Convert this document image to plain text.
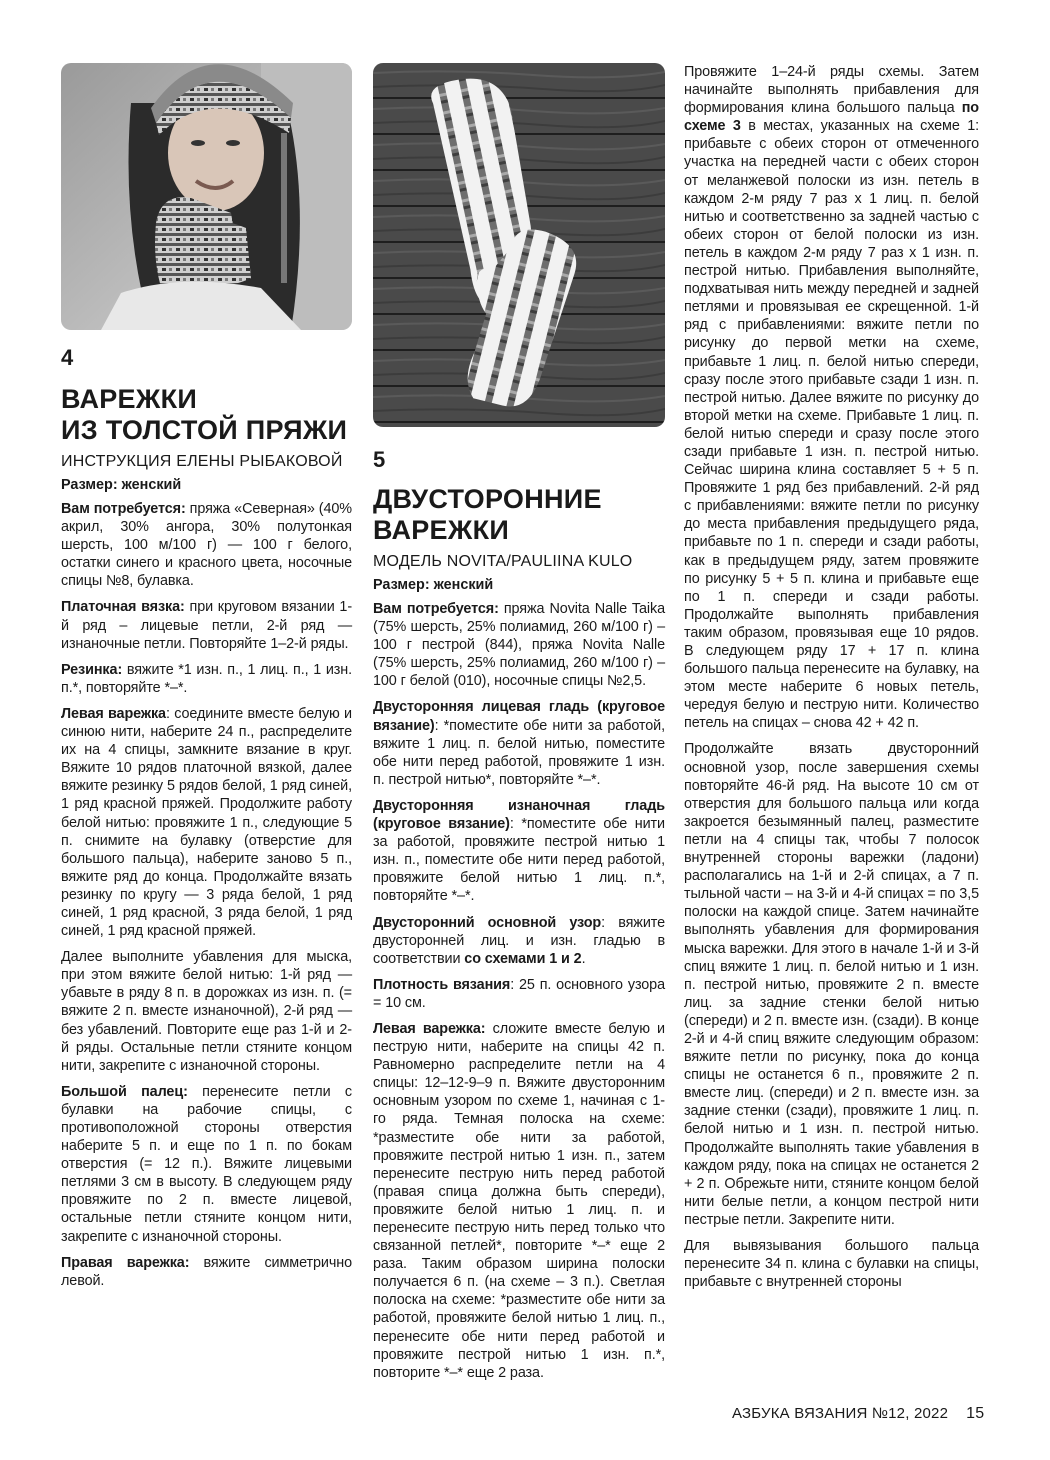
4

ВАРЕЖКИ
ИЗ ТОЛСТОЙ ПРЯЖИ

ИНСТРУКЦИЯ ЕЛЕНЫ РЫБАКОВОЙ

Размер: женский

Вам потребуется: пряжа «Северная» (40% акрил, 30% ангора, 30% полутонкая шерсть, 100 м/100 г) — 100 г белого, остатки синего и красного цвета, носочные спицы №8, булавка.

Платочная вязка: при круговом вязании 1-й ряд – лицевые петли, 2-й ряд — изнаночные петли. Повторяйте 1–2-й ряды.

Резинка: вяжите *1 изн. п., 1 лиц. п., 1 изн. п.*, повторяйте *–*.

Левая варежка: соедините вместе белую и синюю нити, наберите 24 п., распределите их на 4 спицы, замкните вязание в круг. Вяжите 10 рядов платочной вязкой, далее вяжите резинку 5 рядов белой, 1 ряд синей, 1 ряд красной пряжей. Продолжите работу белой нитью: провяжите 1 п., следующие 5 п. снимите на булавку (отверстие для большого пальца), наберите заново 5 п., вяжите ряд до конца. Продолжайте вязать резинку по кругу — 3 ряда белой, 1 ряд синей, 1 ряд красной, 3 ряда белой, 1 ряд синей, 1 ряд красной пряжей.

Далее выполните убавления для мыска, при этом вяжите белой нитью: 1-й ряд — убавьте в ряду 8 п. в дорожках из изн. п. (= вяжите 2 п. вместе изнаночной), 2-й ряд — без убавлений. Повторите еще раз 1-й и 2-й ряды. Остальные петли стяните концом нити, закрепите с изнаночной стороны.

Большой палец: перенесите петли с булавки на рабочие спицы, с противоположной стороны отверстия наберите 5 п. и еще по 1 п. по бокам отверстия (= 12 п.). Вяжите лицевыми петлями 3 см в высоту. В следующем ряду провяжите по 2 п. вместе лицевой, остальные петли стяните концом нити, закрепите с изнаночной стороны.

Правая варежка: вяжите симметрично левой.

5

ДВУСТОРОННИЕ
ВАРЕЖКИ

МОДЕЛЬ NOVITA/PAULIINA KULO

Размер: женский

Вам потребуется: пряжа Novita Nalle Taika (75% шерсть, 25% полиамид, 260 м/100 г) – 100 г пестрой (844), пряжа Novita Nalle (75% шерсть, 25% полиамид, 260 м/100 г) – 100 г белой (010), носочные спицы №2,5.

Двусторонняя лицевая гладь (круговое вязание): *поместите обе нити за работой, вяжите 1 лиц. п. белой нитью, поместите обе нити перед работой, провяжите 1 изн. п. пестрой нитью*, повторяйте *–*.

Двусторонняя изнаночная гладь (круговое вязание): *поместите обе нити за работой, провяжите пестрой нитью 1 изн. п., поместите обе нити перед работой, провяжите белой нитью 1 лиц. п.*, повторяйте *–*.

Двусторонний основной узор: вяжите двусторонней лиц. и изн. гладью в соответствии со схемами 1 и 2.

Плотность вязания: 25 п. основного узора = 10 см.

Левая варежка: сложите вместе белую и пеструю нити, наберите на спицы 42 п. Равномерно распределите петли на 4 спицы: 12–12-9–9 п. Вяжите двусторонним основным узором по схеме 1, начиная с 1-го ряда. Темная полоска на схеме: *разместите обе нити за работой, провяжите пестрой нитью 1 изн. п., затем перенесите пеструю нить перед работой (правая спица должна быть спереди), провяжите белой нитью 1 лиц. п. и перенесите пеструю нить перед только что связанной петлей*, повторите *–* еще 2 раза. Таким образом ширина полоски получается 6 п. (на схеме – 3 п.). Светлая полоска на схеме: *разместите обе нити за работой, провяжите белой нитью 1 лиц. п., перенесите обе нити перед работой и провяжите пестрой нитью 1 изн. п.*, повторите *–* еще 2 раза.

Провяжите 1–24-й ряды схемы. Затем начинайте выполнять прибавления для формирования клина большого пальца по схеме 3 в местах, указанных на схеме 1: прибавьте с обеих сторон от отмеченного участка на передней части с обеих сторон от меланжевой полоски из изн. петель в каждом 2-м ряду 7 раз х 1 лиц. п. белой нитью и соответственно за задней частью с обеих сторон от белой полоски из изн. петель в каждом 2-м ряду 7 раз х 1 изн. п. пестрой нитью. Прибавления выполняйте, подхватывая нить между передней и задней петлями и провязывая ее скрещенной. 1-й ряд с прибавлениями: вяжите петли по рисунку до первой метки на схеме, прибавьте 1 лиц. п. белой нитью спереди, сразу после этого прибавьте сзади 1 изн. п. пестрой нитью. Далее вяжите по рисунку до второй метки на схеме. Прибавьте 1 лиц. п. белой нитью спереди и сразу после этого сзади прибавьте 1 изн. п. пестрой нитью. Сейчас ширина клина составляет 5 + 5 п. Провяжите 1 ряд без прибавлений. 2-й ряд с прибавлениями: вяжите петли по рисунку до места прибавления предыдущего ряда, прибавьте по 1 п. спереди и сзади работы, как в предыдущем ряду, затем провяжите по рисунку 5 + 5 п. клина и прибавьте еще по 1 п. спереди и сзади работы. Продолжайте выполнять прибавления таким образом, провязывая еще 10 рядов. В следующем ряду 17 + 17 п. клина большого пальца перенесите на булавку, на этом месте наберите 6 новых петель, чередуя белую и пеструю нити. Количество петель на спицах – снова 42 + 42 п.

Продолжайте вязать двусторонний основной узор, после завершения схемы повторяйте 46-й ряд. На высоте 10 см от отверстия для большого пальца или когда закроется безымянный палец, разместите петли на 4 спицы так, чтобы 7 полосок внутренней стороны варежки (ладони) располагались на 1-й и 2-й спицах, а 7 п. тыльной части – на 3-й и 4-й спицах = по 3,5 полоски на каждой спице. Затем начинайте выполнять убавления для формирования мыска варежки. Для этого в начале 1-й и 3-й спиц вяжите 1 лиц. п. белой нитью и 1 изн. п. пестрой нитью, провяжите 2 п. вместе лиц. за задние стенки белой нитью (спереди) и 2 п. вместе изн. (сзади). В конце 2-й и 4-й спиц вяжите следующим образом: вяжите петли по рисунку, пока до конца спицы не останется 6 п., провяжите 2 п. вместе лиц. (спереди) и 2 п. вместе изн. за задние стенки (сзади), провяжите 1 лиц. п. белой нитью и 1 изн. п. пестрой нитью. Продолжайте выполнять такие убавления в каждом ряду, пока на спицах не останется 2 + 2 п. Обрежьте нити, стяните концом белой нити белые петли, а концом пестрой нити пестрые петли. Закрепите нити.

Для вывязывания большого пальца перенесите 34 п. клина с булавки на спицы, прибавьте с внутренней стороны

АЗБУКА ВЯЗАНИЯ №12, 2022 15
